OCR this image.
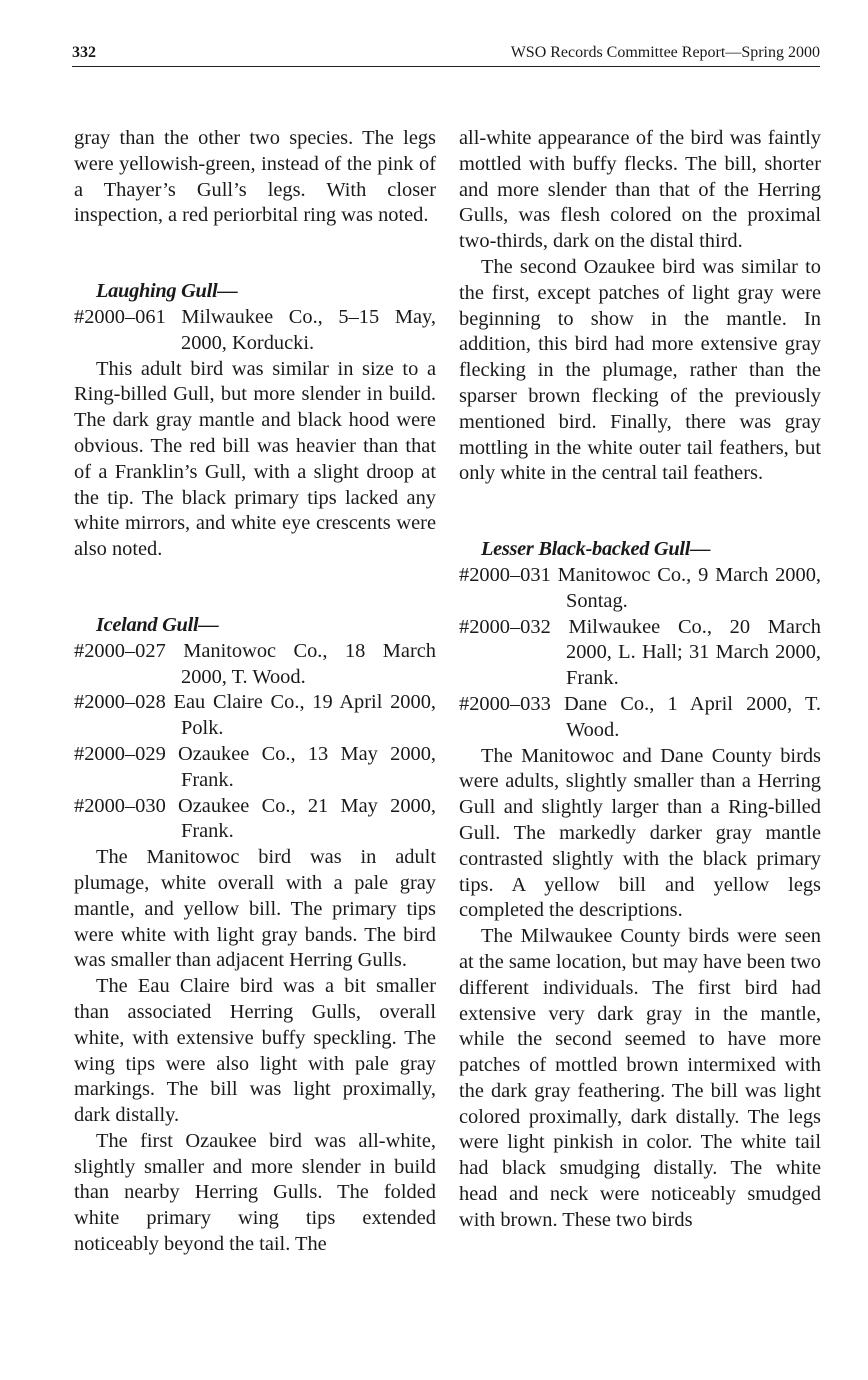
332	WSO Records Committee Report—Spring 2000

gray than the other two species. The legs were yellowish-green, instead of the pink of a Thayer’s Gull’s legs. With closer inspection, a red periorbital ring was noted.

Laughing Gull—
#2000–061 Milwaukee Co., 5–15 May, 2000, Korducki.

This adult bird was similar in size to a Ring-billed Gull, but more slender in build. The dark gray mantle and black hood were obvious. The red bill was heavier than that of a Franklin’s Gull, with a slight droop at the tip. The black primary tips lacked any white mirrors, and white eye crescents were also noted.

Iceland Gull—
#2000–027 Manitowoc Co., 18 March 2000, T. Wood.
#2000–028 Eau Claire Co., 19 April 2000, Polk.
#2000–029 Ozaukee Co., 13 May 2000, Frank.
#2000–030 Ozaukee Co., 21 May 2000, Frank.

The Manitowoc bird was in adult plumage, white overall with a pale gray mantle, and yellow bill. The primary tips were white with light gray bands. The bird was smaller than adjacent Herring Gulls.

The Eau Claire bird was a bit smaller than associated Herring Gulls, overall white, with extensive buffy speckling. The wing tips were also light with pale gray markings. The bill was light proximally, dark distally.

The first Ozaukee bird was all-white, slightly smaller and more slender in build than nearby Herring Gulls. The folded white primary wing tips extended noticeably beyond the tail. The

all-white appearance of the bird was faintly mottled with buffy flecks. The bill, shorter and more slender than that of the Herring Gulls, was flesh colored on the proximal two-thirds, dark on the distal third.

The second Ozaukee bird was similar to the first, except patches of light gray were beginning to show in the mantle. In addition, this bird had more extensive gray flecking in the plumage, rather than the sparser brown flecking of the previously mentioned bird. Finally, there was gray mottling in the white outer tail feathers, but only white in the central tail feathers.

Lesser Black-backed Gull—
#2000–031 Manitowoc Co., 9 March 2000, Sontag.
#2000–032 Milwaukee Co., 20 March 2000, L. Hall; 31 March 2000, Frank.
#2000–033 Dane Co., 1 April 2000, T. Wood.

The Manitowoc and Dane County birds were adults, slightly smaller than a Herring Gull and slightly larger than a Ring-billed Gull. The markedly darker gray mantle contrasted slightly with the black primary tips. A yellow bill and yellow legs completed the descriptions.

The Milwaukee County birds were seen at the same location, but may have been two different individuals. The first bird had extensive very dark gray in the mantle, while the second seemed to have more patches of mottled brown intermixed with the dark gray feathering. The bill was light colored proximally, dark distally. The legs were light pinkish in color. The white tail had black smudging distally. The white head and neck were noticeably smudged with brown. These two birds
